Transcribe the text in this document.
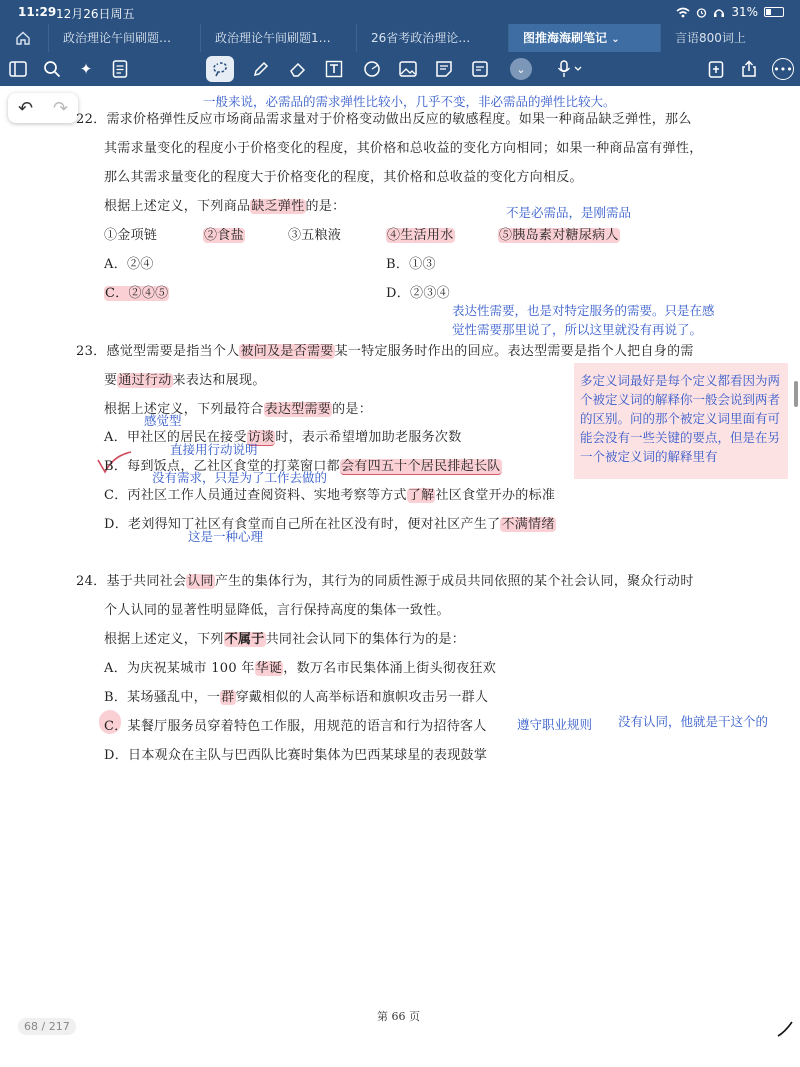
11:29 12月26日周五	31%
政治理论午间刷题…	政治理论午间刷题1…	26省考政治理论…	图推海海刷笔记 ⌄	言语800词上
✦	⌄	•••
↶ ↷	一般来说，必需品的需求弹性比较小，几乎不变，非必需品的弹性比较大。
22．需求价格弹性反应市场商品需求量对于价格变动做出反应的敏感程度。如果一种商品缺乏弹性，那么
其需求量变化的程度小于价格变化的程度，其价格和总收益的变化方向相同；如果一种商品富有弹性，
那么其需求量变化的程度大于价格变化的程度，其价格和总收益的变化方向相反。
根据上述定义，下列商品缺乏弹性的是：	不是必需品，是刚需品
①金项链	②食盐	③五粮液	④生活用水	⑤胰岛素对糖尿病人
A．②④	B．①③
C．②④⑤	D．②③④
表达性需要，也是对特定服务的需要。只是在感
觉性需要那里说了，所以这里就没有再说了。
23．感觉型需要是指当个人被问及是否需要某一特定服务时作出的回应。表达型需要是指个人把自身的需
要通过行动来表达和展现。	多定义词最好是每个定义都看因为两个被定义词的解释你一般会说到两者的区别。问的那个被定义词里面有可能会没有一些关键的要点，但是在另一个被定义词的解释里有
根据上述定义，下列最符合表达型需要的是：
感觉型
A．甲社区的居民在接受访谈时，表示希望增加助老服务次数
直接用行动说明
B．每到饭点，乙社区食堂的打菜窗口都会有四五十个居民排起长队
没有需求，只是为了工作去做的
C．丙社区工作人员通过查阅资料、实地考察等方式了解社区食堂开办的标准
D．老刘得知丁社区有食堂而自己所在社区没有时，便对社区产生了不满情绪
这是一种心理
24．基于共同社会认同产生的集体行为，其行为的同质性源于成员共同依照的某个社会认同，聚众行动时
个人认同的显著性明显降低，言行保持高度的集体一致性。
根据上述定义，下列不属于共同社会认同下的集体行为的是：
A．为庆祝某城市 100 年华诞，数万名市民集体涌上街头彻夜狂欢
B．某场骚乱中，一群穿戴相似的人高举标语和旗帜攻击另一群人
C．某餐厅服务员穿着特色工作服，用规范的语言和行为招待客人 遵守职业规则 没有认同，他就是干这个的
D．日本观众在主队与巴西队比赛时集体为巴西某球星的表现鼓掌
第 66 页
68 / 217
